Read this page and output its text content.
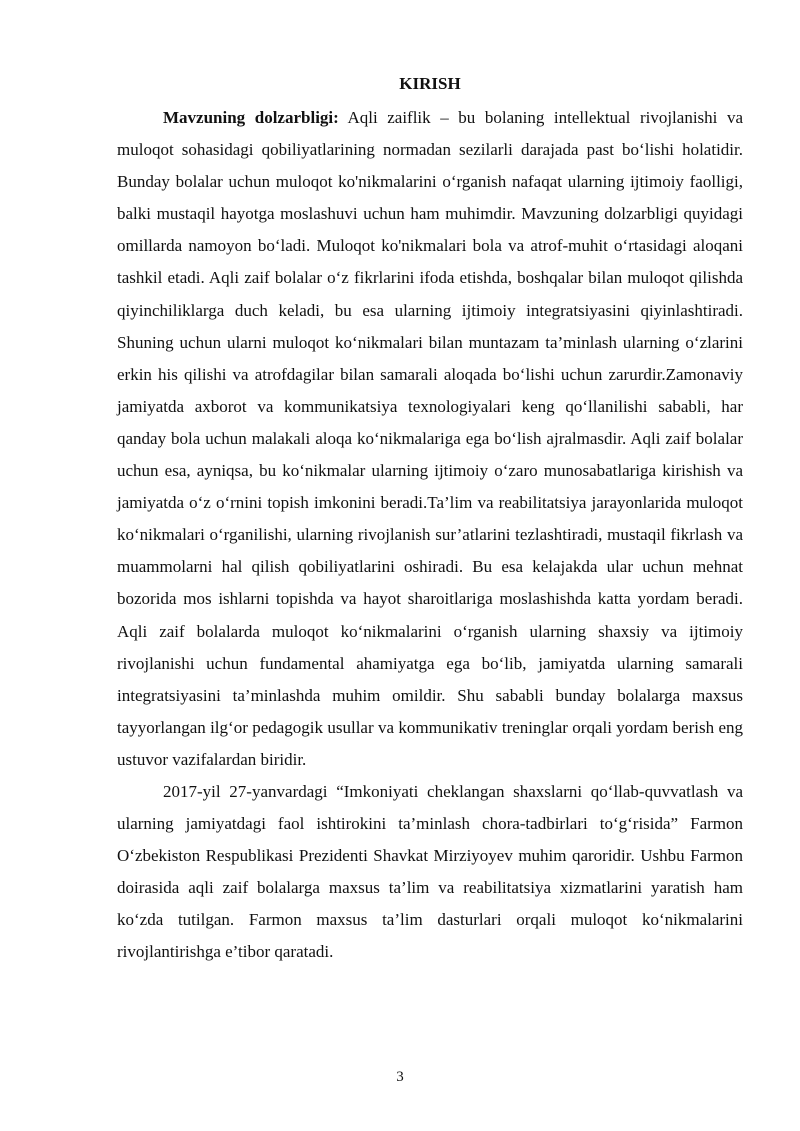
KIRISH

Mavzuning dolzarbligi: Aqli zaiflik – bu bolaning intellektual rivojlanishi va muloqot sohasidagi qobiliyatlarining normadan sezilarli darajada past bo‘lishi holatidir. Bunday bolalar uchun muloqot ko'nikmalarini o‘rganish nafaqat ularning ijtimoiy faolligi, balki mustaqil hayotga moslashuvi uchun ham muhimdir. Mavzuning dolzarbligi quyidagi omillarda namoyon bo‘ladi. Muloqot ko'nikmalari bola va atrof-muhit o‘rtasidagi aloqani tashkil etadi. Aqli zaif bolalar o‘z fikrlarini ifoda etishda, boshqalar bilan muloqot qilishda qiyinchiliklarga duch keladi, bu esa ularning ijtimoiy integratsiyasini qiyinlashtiradi. Shuning uchun ularni muloqot ko‘nikmalari bilan muntazam ta’minlash ularning o‘zlarini erkin his qilishi va atrofdagilar bilan samarali aloqada bo‘lishi uchun zarurdir.Zamonaviy jamiyatda axborot va kommunikatsiya texnologiyalari keng qo‘llanilishi sababli, har qanday bola uchun malakali aloqa ko‘nikmalariga ega bo‘lish ajralmasdir. Aqli zaif bolalar uchun esa, ayniqsa, bu ko‘nikmalar ularning ijtimoiy o‘zaro munosabatlariga kirishish va jamiyatda o‘z o‘rnini topish imkonini beradi.Ta’lim va reabilitatsiya jarayonlarida muloqot ko‘nikmalari o‘rganilishi, ularning rivojlanish sur’atlarini tezlashtiradi, mustaqil fikrlash va muammolarni hal qilish qobiliyatlarini oshiradi. Bu esa kelajakda ular uchun mehnat bozorida mos ishlarni topishda va hayot sharoitlariga moslashishda katta yordam beradi. Aqli zaif bolalarda muloqot ko‘nikmalarini o‘rganish ularning shaxsiy va ijtimoiy rivojlanishi uchun fundamental ahamiyatga ega bo‘lib, jamiyatda ularning samarali integratsiyasini ta’minlashda muhim omildir. Shu sababli bunday bolalarga maxsus tayyorlangan ilg‘or pedagogik usullar va kommunikativ treninglar orqali yordam berish eng ustuvor vazifalardan biridir.

2017-yil 27-yanvardagi “Imkoniyati cheklangan shaxslarni qo‘llab-quvvatlash va ularning jamiyatdagi faol ishtirokini ta’minlash chora-tadbirlari to‘g‘risida” Farmon O‘zbekiston Respublikasi Prezidenti Shavkat Mirziyoyev muhim qaroridir. Ushbu Farmon doirasida aqli zaif bolalarga maxsus ta’lim va reabilitatsiya xizmatlarini yaratish ham ko‘zda tutilgan. Farmon maxsus ta’lim dasturlari orqali muloqot ko‘nikmalarini rivojlantirishga e’tibor qaratadi.

3
